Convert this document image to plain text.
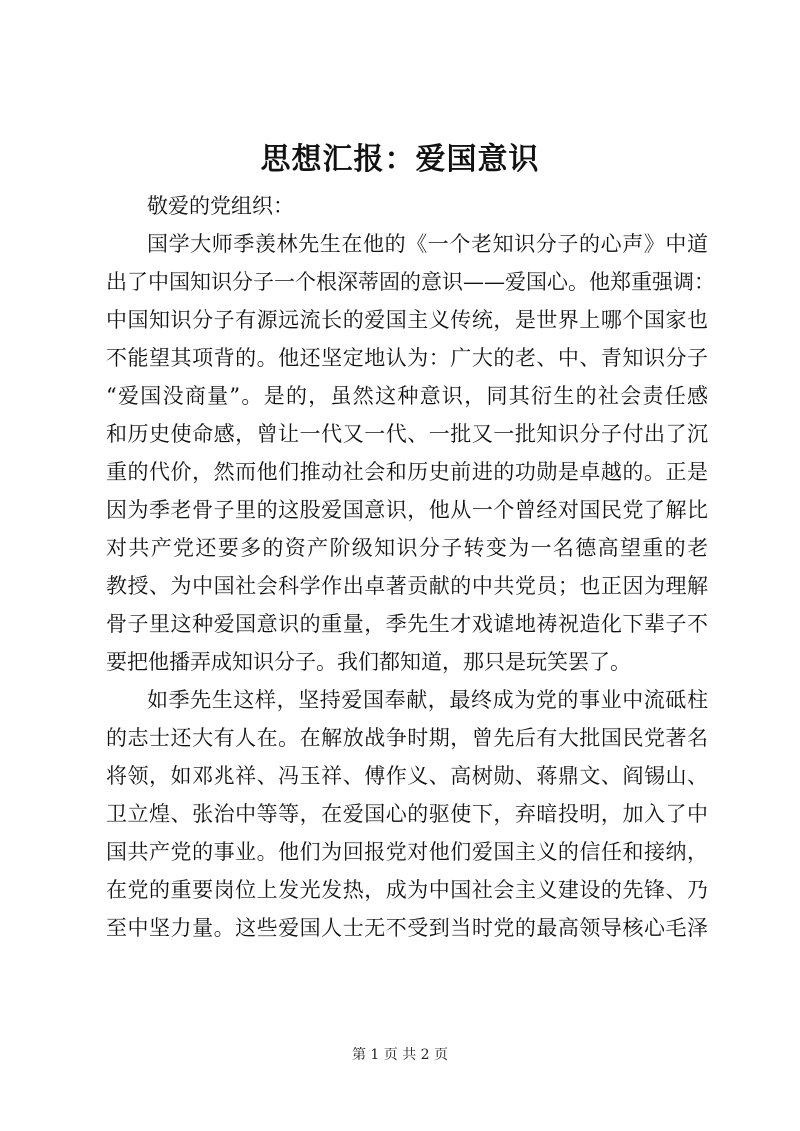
思想汇报：爱国意识
敬爱的党组织：
国学大师季羡林先生在他的《一个老知识分子的心声》中道
出了中国知识分子一个根深蒂固的意识——爱国心。他郑重强调：
中国知识分子有源远流长的爱国主义传统，是世界上哪个国家也
不能望其项背的。他还坚定地认为：广大的老、中、青知识分子
“爱国没商量”。是的，虽然这种意识，同其衍生的社会责任感
和历史使命感，曾让一代又一代、一批又一批知识分子付出了沉
重的代价，然而他们推动社会和历史前进的功勋是卓越的。正是
因为季老骨子里的这股爱国意识，他从一个曾经对国民党了解比
对共产党还要多的资产阶级知识分子转变为一名德高望重的老
教授、为中国社会科学作出卓著贡献的中共党员；也正因为理解
骨子里这种爱国意识的重量，季先生才戏谑地祷祝造化下辈子不
要把他播弄成知识分子。我们都知道，那只是玩笑罢了。
如季先生这样，坚持爱国奉献，最终成为党的事业中流砥柱
的志士还大有人在。在解放战争时期，曾先后有大批国民党著名
将领，如邓兆祥、冯玉祥、傅作义、高树勋、蒋鼎文、阎锡山、
卫立煌、张治中等等，在爱国心的驱使下，弃暗投明，加入了中
国共产党的事业。他们为回报党对他们爱国主义的信任和接纳，
在党的重要岗位上发光发热，成为中国社会主义建设的先锋、乃
至中坚力量。这些爱国人士无不受到当时党的最高领导核心毛泽
第 1 页 共 2 页
